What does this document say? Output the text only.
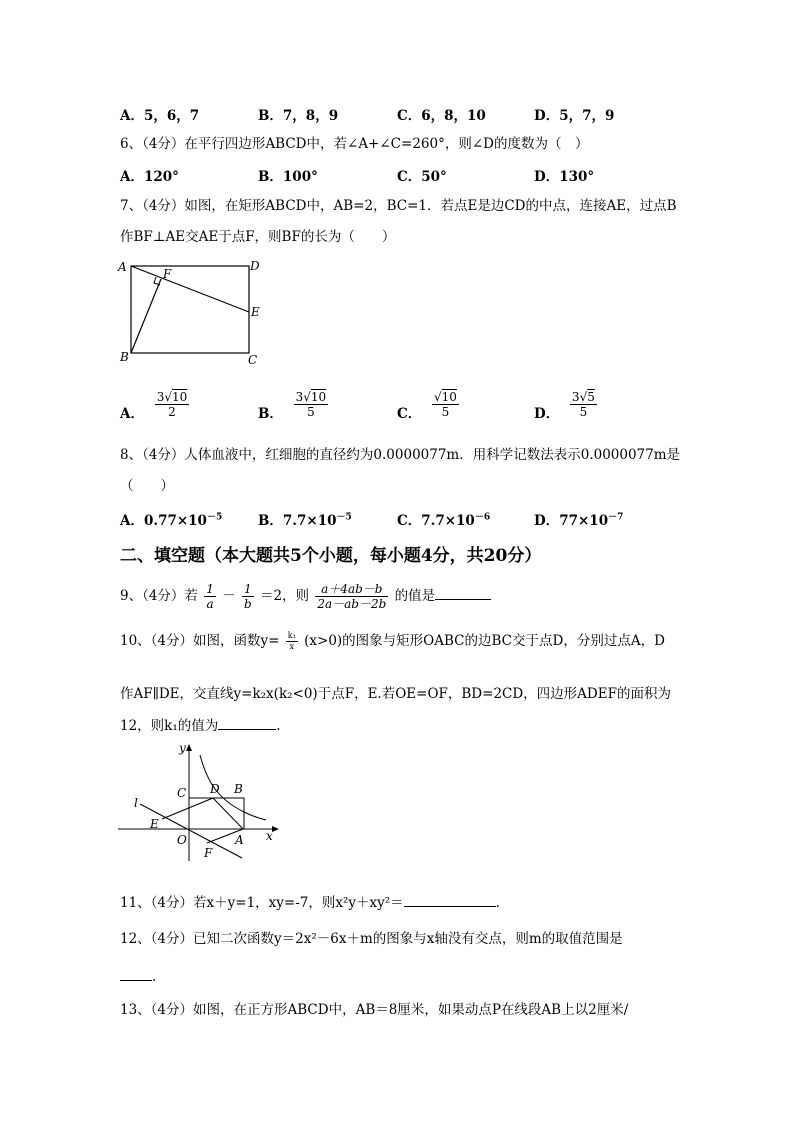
A．5，6，7	B．7，8，9	C．6，8，10	D．5，7，9
6、（4分）在平行四边形ABCD中，若∠A+∠C=260°，则∠D的度数为（　）
A．120°	B．100°	C．50°	D．130°
7、（4分）如图，在矩形ABCD中，AB=2，BC=1．若点E是边CD的中点，连接AE，过点B
作BF⊥AE交AE于点F，则BF的长为（　　）
A	F
D
E
B	C
A． $\frac{3√10}{2}$	B． $\frac{3√10}{5}$	C． $\frac{√10}{5}$	D． $\frac{3√5}{5}$
8、（4分）人体血液中，红细胞的直径约为0.0000077m．用科学记数法表示0.0000077m是
（　　）
A．$0.77\times 10^{-5}$	B．$7.7\times 10^{-5}$	C．$7.7\times 10^{-6}$	D．$77\times 10^{-7}$
二、填空题（本大题共5个小题，每小题4分，共20分）
9、（4分）若 $\frac{1}{a} - \frac{1}{b} =2$，则 $\frac{a+4ab-b}{2a-ab-2b}$ 的值是
10、（4分）如图，函数$y= \frac{\text{k₁}}{x} (x>0)$的图象与矩形OABC的边BC交于点D，分别过点A，D
作AF∥DE，交直线y=k₂x(k₂<0)于点F，E.若OE=OF，BD=2CD，四边形ADEF的面积为
12，则k₁的值为	.
y
C D B
l
E
O	A x
F
11、（4分）若x＋y=1，xy=-7，则x²y＋xy²＝	.
12、（4分）已知二次函数y＝2x²－6x＋m的图象与x轴没有交点，则m的取值范围是
.
13、（4分）如图，在正方形ABCD中，AB＝8厘米，如果动点P在线段AB上以2厘米/
